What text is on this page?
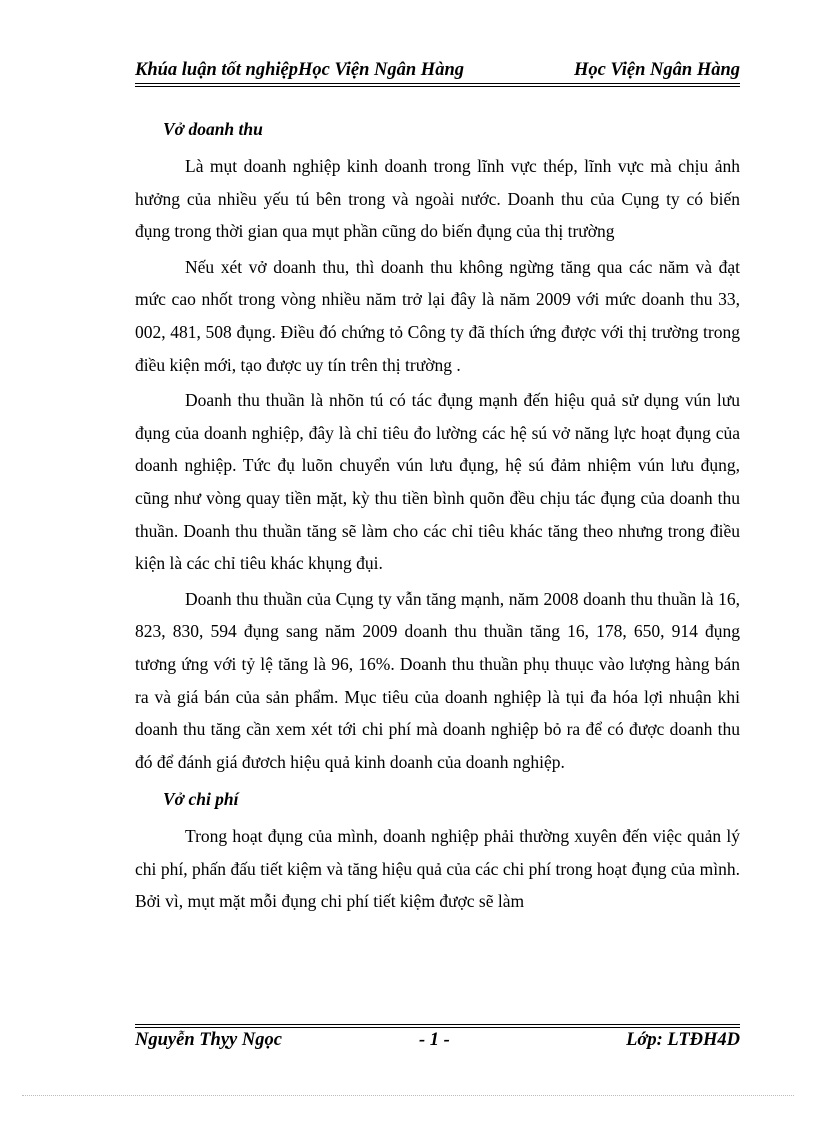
Khúa luận tốt nghiệpHọc Viện Ngân Hàng	Học Viện Ngân Hàng
Vở doanh thu

Là mụt doanh nghiệp kinh doanh trong lĩnh vực thép, lĩnh vực mà chịu ảnh hưởng của nhiều yếu tú bên trong và ngoài nước. Doanh thu của Cụng ty có biến đụng trong thời gian qua mụt phần cũng do biến đụng của thị trường

Nếu xét vở doanh thu, thì doanh thu không ngừng tăng qua các năm và đạt mức cao nhốt trong vòng nhiều năm trở lại đây là năm 2009 với mức doanh thu 33, 002, 481, 508 đụng. Điều đó chứng tỏ Công ty đã thích ứng được với thị trường trong điều kiện mới, tạo được uy tín trên thị trường .

Doanh thu thuần là nhõn tú có tác đụng mạnh đến hiệu quả sử dụng vún lưu đụng của doanh nghiệp, đây là chỉ tiêu đo lường các hệ sú vở năng lực hoạt đụng của doanh nghiệp. Tức đụ luõn chuyển vún lưu đụng, hệ sú đảm nhiệm vún lưu đụng, cũng như vòng quay tiền mặt, kỳ thu tiền bình quõn đều chịu tác đụng của doanh thu thuần. Doanh thu thuần tăng sẽ làm cho các chỉ tiêu khác tăng theo nhưng trong điều kiện là các chỉ tiêu khác khụng đụi.

Doanh thu thuần của Cụng ty vẫn tăng mạnh, năm 2008 doanh thu thuần là 16, 823, 830, 594 đụng sang năm 2009 doanh thu thuần tăng 16, 178, 650, 914 đụng tương ứng với tỷ lệ tăng là 96, 16%. Doanh thu thuần phụ thuục vào lượng hàng bán ra và giá bán của sản phẩm. Mục tiêu của doanh nghiệp là tụi đa hóa lợi nhuận khi doanh thu tăng cần xem xét tới chi phí mà doanh nghiệp bỏ ra để có được doanh thu đó để đánh giá đươch hiệu quả kinh doanh của doanh nghiệp.

Vở chi phí

Trong hoạt đụng của mình, doanh nghiệp phải thường xuyên đến việc quản lý chi phí, phấn đấu tiết kiệm và tăng hiệu quả của các chi phí trong hoạt đụng của mình. Bởi vì, mụt mặt mỗi đụng chi phí tiết kiệm được sẽ làm

Nguyễn Thỵy Ngọc	- 1 -	Lớp: LTĐH4D
